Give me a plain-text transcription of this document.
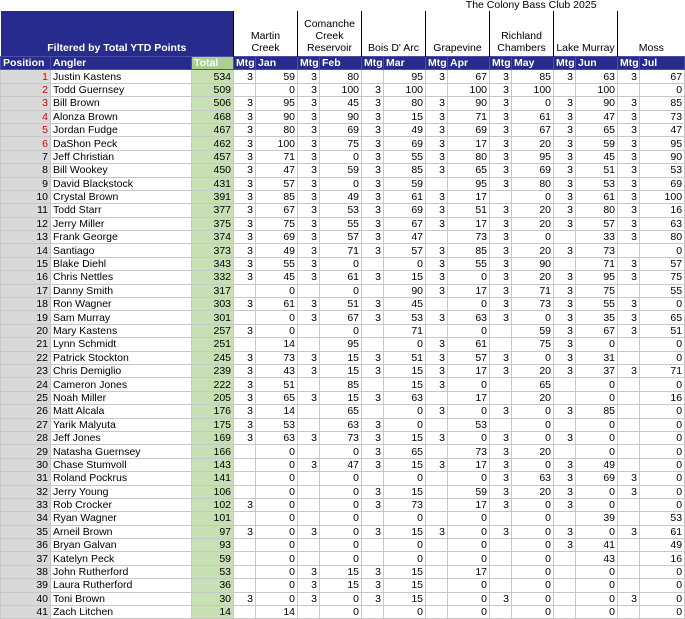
			The Colony Bass Club 2025													
Filtered by Total YTD Points			Martin Creek		Comanche Creek Reservoir		Bois D' Arc		Grapevine		Richland Chambers		Lake Murray		Moss	
Position	Angler	Total	Mtg	Jan	Mtg	Feb	Mtg	Mar	Mtg	Apr	Mtg	May	Mtg	Jun	Mtg	Jul
1	Justin Kastens	534	3	59	3	80		95	3	67	3	85	3	63	3	67
2	Todd Guernsey	509		0	3	100	3	100		100	3	100		100		0
3	Bill Brown	506	3	95	3	45	3	80	3	90	3	0	3	90	3	85
4	Alonza Brown	468	3	90	3	90	3	15	3	71	3	61	3	47	3	73
5	Jordan Fudge	467	3	80	3	69	3	49	3	69	3	67	3	65	3	47
6	DaShon Peck	462	3	100	3	75	3	69	3	17	3	20	3	59	3	95
7	Jeff Christian	457	3	71	3	0	3	55	3	80	3	95	3	45	3	90
8	Bill Wookey	450	3	47	3	59	3	85	3	65	3	69	3	51	3	53
9	David Blackstock	431	3	57	3	0	3	59		95	3	80	3	53	3	69
10	Crystal Brown	391	3	85	3	49	3	61	3	17		0	3	61	3	100
11	Todd Starr	377	3	67	3	53	3	69	3	51	3	20	3	80	3	16
12	Jerry Miller	375	3	75	3	55	3	67	3	17	3	20	3	57	3	63
13	Frank George	374	3	69	3	57	3	47		73	3	0		33	3	80
14	Santiago	373	3	49	3	71	3	57	3	85	3	20	3	73		0
15	Blake Diehl	343	3	55	3	0		0	3	55	3	90		71	3	57
16	Chris Nettles	332	3	45	3	61	3	15	3	0	3	20	3	95	3	75
17	Danny Smith	317		0		0		90	3	17	3	71	3	75		55
18	Ron Wagner	303	3	61	3	51	3	45		0	3	73	3	55	3	0
19	Sam Murray	301		0	3	67	3	53	3	63	3	0	3	35	3	65
20	Mary Kastens	257	3	0		0		71		0		59	3	67	3	51
21	Lynn Schmidt	251		14		95		0	3	61		75	3	0		0
22	Patrick Stockton	245	3	73	3	15	3	51	3	57	3	0	3	31		0
23	Chris Demiglio	239	3	43	3	15	3	15	3	17	3	20	3	37	3	71
24	Cameron Jones	222	3	51		85		15	3	0		65		0		0
25	Noah Miller	205	3	65	3	15	3	63		17		20		0		16
26	Matt Alcala	176	3	14		65		0	3	0	3	0	3	85		0
27	Yarik Malyuta	175	3	53		63	3	0		53		0		0		0
28	Jeff Jones	169	3	63	3	73	3	15	3	0	3	0	3	0		0
29	Natasha Guernsey	166		0		0	3	65		73	3	20		0		0
30	Chase Stumvoll	143		0	3	47	3	15	3	17	3	0	3	49		0
31	Roland Pockrus	141		0		0		0		0	3	63	3	69	3	0
32	Jerry Young	106		0		0	3	15		59	3	20	3	0	3	0
33	Rob Crocker	102	3	0		0	3	73		17	3	0	3	0		0
34	Ryan Wagner	101		0		0		0		0		0		39		53
35	Arneil Brown	97	3	0	3	0	3	15	3	0	3	0	3	0	3	61
36	Bryan Galvan	93		0		0		0		0		0	3	41		49
37	Katelyn Peck	59		0		0		0		0		0		43		16
38	John Rutherford	53		0	3	15	3	15		17		0		0		0
39	Laura Rutherford	36		0	3	15	3	15		0		0		0		0
40	Toni Brown	30	3	0	3	0	3	15		0	3	0		0	3	0
41	Zach Litchen	14		14		0		0		0		0		0		0
